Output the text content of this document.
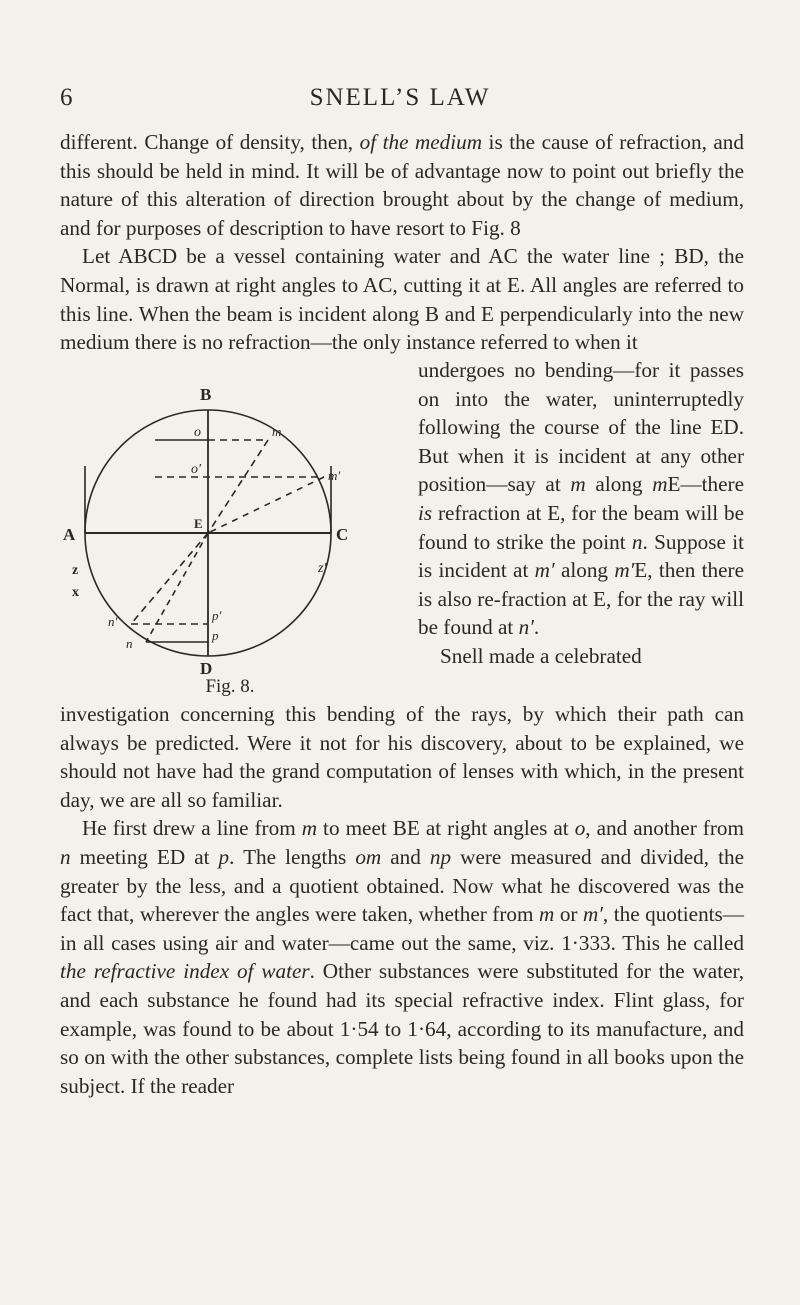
6	SNELL’S LAW

different. Change of density, then, of the medium is the cause of refraction, and this should be held in mind. It will be of advantage now to point out briefly the nature of this alteration of direction brought about by the change of medium, and for purposes of description to have resort to Fig. 8

Let ABCD be a vessel containing water and AC the water line ; BD, the Normal, is drawn at right angles to AC, cutting it at E. All angles are referred to this line. When the beam is incident along B and E perpendicularly into the new medium there is no refraction—the only instance referred to when it

B
A	C
D
E
o
o′
m
m′
z
x
z′
n′
n
p′
p
Fig. 8.

undergoes no bending—for it passes on into the water, uninterruptedly following the course of the line ED. But when it is incident at any other position—say at m along mE—there is refraction at E, for the beam will be found to strike the point n. Suppose it is incident at m′ along m′E, then there is also re-fraction at E, for the ray will be found at n′.

Snell made a celebrated

investigation concerning this bending of the rays, by which their path can always be predicted. Were it not for his discovery, about to be explained, we should not have had the grand computation of lenses with which, in the present day, we are all so familiar.

He first drew a line from m to meet BE at right angles at o, and another from n meeting ED at p. The lengths om and np were measured and divided, the greater by the less, and a quotient obtained. Now what he discovered was the fact that, wherever the angles were taken, whether from m or m′, the quotients—in all cases using air and water—came out the same, viz. 1·333. This he called the refractive index of water. Other substances were substituted for the water, and each substance he found had its special refractive index. Flint glass, for example, was found to be about 1·54 to 1·64, according to its manufacture, and so on with the other substances, complete lists being found in all books upon the subject. If the reader
